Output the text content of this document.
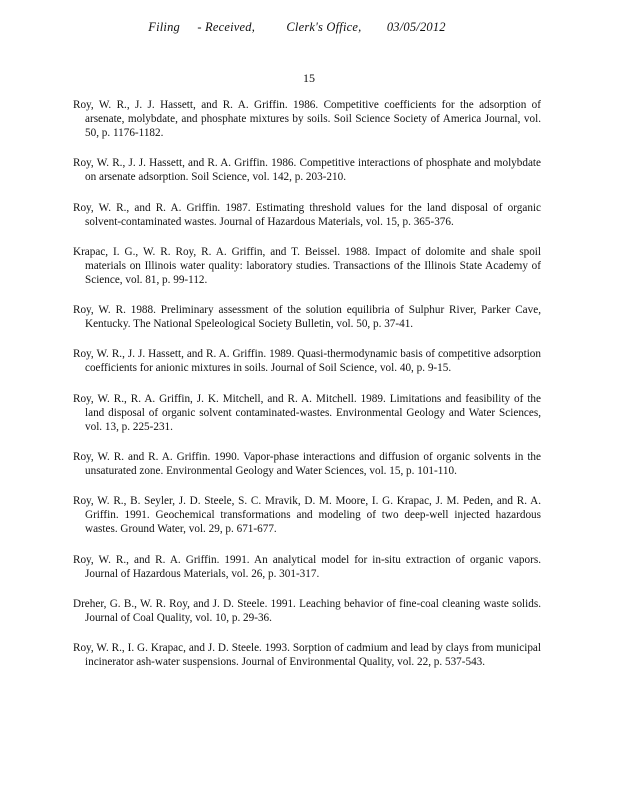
Filing - Received,	Clerk's Office, 03/05/2012
15
Roy, W. R., J. J. Hassett, and R. A. Griffin. 1986. Competitive coefficients for the adsorption of arsenate, molybdate, and phosphate mixtures by soils. Soil Science Society of America Journal, vol. 50, p. 1176-1182.
Roy, W. R., J. J. Hassett, and R. A. Griffin. 1986. Competitive interactions of phosphate and molybdate on arsenate adsorption. Soil Science, vol. 142, p. 203-210.
Roy, W. R., and R. A. Griffin. 1987. Estimating threshold values for the land disposal of organic solvent-contaminated wastes. Journal of Hazardous Materials, vol. 15, p. 365-376.
Krapac, I. G., W. R. Roy, R. A. Griffin, and T. Beissel. 1988. Impact of dolomite and shale spoil materials on Illinois water quality: laboratory studies. Transactions of the Illinois State Academy of Science, vol. 81, p. 99-112.
Roy, W. R. 1988. Preliminary assessment of the solution equilibria of Sulphur River, Parker Cave, Kentucky. The National Speleological Society Bulletin, vol. 50, p. 37-41.
Roy, W. R., J. J. Hassett, and R. A. Griffin. 1989. Quasi-thermodynamic basis of competitive adsorption coefficients for anionic mixtures in soils. Journal of Soil Science, vol. 40, p. 9-15.
Roy, W. R., R. A. Griffin, J. K. Mitchell, and R. A. Mitchell. 1989. Limitations and feasibility of the land disposal of organic solvent contaminated-wastes. Environmental Geology and Water Sciences, vol. 13, p. 225-231.
Roy, W. R. and R. A. Griffin. 1990. Vapor-phase interactions and diffusion of organic solvents in the unsaturated zone. Environmental Geology and Water Sciences, vol. 15, p. 101-110.
Roy, W. R., B. Seyler, J. D. Steele, S. C. Mravik, D. M. Moore, I. G. Krapac, J. M. Peden, and R. A. Griffin. 1991. Geochemical transformations and modeling of two deep-well injected hazardous wastes. Ground Water, vol. 29, p. 671-677.
Roy, W. R., and R. A. Griffin. 1991. An analytical model for in-situ extraction of organic vapors. Journal of Hazardous Materials, vol. 26, p. 301-317.
Dreher, G. B., W. R. Roy, and J. D. Steele. 1991. Leaching behavior of fine-coal cleaning waste solids. Journal of Coal Quality, vol. 10, p. 29-36.
Roy, W. R., I. G. Krapac, and J. D. Steele. 1993. Sorption of cadmium and lead by clays from municipal incinerator ash-water suspensions. Journal of Environmental Quality, vol. 22, p. 537-543.
